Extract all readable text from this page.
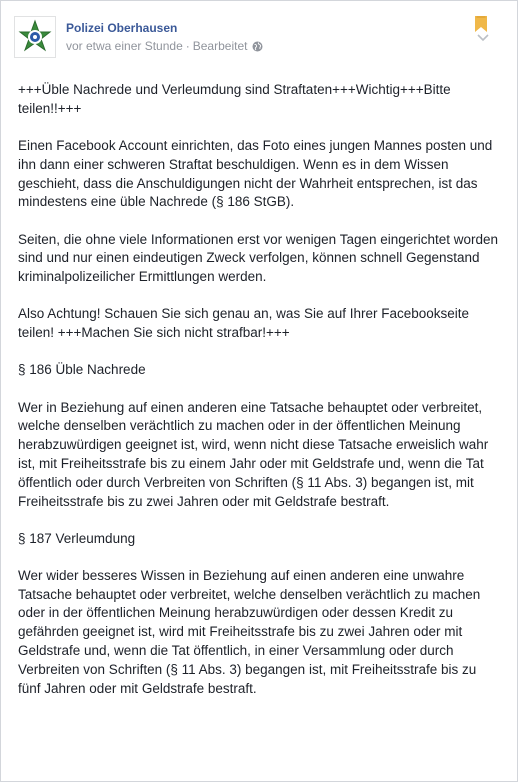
Polizei Oberhausen
vor etwa einer Stunde · Bearbeitet

+++Üble Nachrede und Verleumdung sind Straftaten+++Wichtig+++Bitte teilen!!+++

Einen Facebook Account einrichten, das Foto eines jungen Mannes posten und ihn dann einer schweren Straftat beschuldigen. Wenn es in dem Wissen geschieht, dass die Anschuldigungen nicht der Wahrheit entsprechen, ist das mindestens eine üble Nachrede (§ 186 StGB).

Seiten, die ohne viele Informationen erst vor wenigen Tagen eingerichtet worden sind und nur einen eindeutigen Zweck verfolgen, können schnell Gegenstand kriminalpolizeilicher Ermittlungen werden.

Also Achtung! Schauen Sie sich genau an, was Sie auf Ihrer Facebookseite teilen! +++Machen Sie sich nicht strafbar!+++

§ 186 Üble Nachrede

Wer in Beziehung auf einen anderen eine Tatsache behauptet oder verbreitet, welche denselben verächtlich zu machen oder in der öffentlichen Meinung herabzuwürdigen geeignet ist, wird, wenn nicht diese Tatsache erweislich wahr ist, mit Freiheitsstrafe bis zu einem Jahr oder mit Geldstrafe und, wenn die Tat öffentlich oder durch Verbreiten von Schriften (§ 11 Abs. 3) begangen ist, mit Freiheitsstrafe bis zu zwei Jahren oder mit Geldstrafe bestraft.

§ 187 Verleumdung

Wer wider besseres Wissen in Beziehung auf einen anderen eine unwahre Tatsache behauptet oder verbreitet, welche denselben verächtlich zu machen oder in der öffentlichen Meinung herabzuwürdigen oder dessen Kredit zu gefährden geeignet ist, wird mit Freiheitsstrafe bis zu zwei Jahren oder mit Geldstrafe und, wenn die Tat öffentlich, in einer Versammlung oder durch Verbreiten von Schriften (§ 11 Abs. 3) begangen ist, mit Freiheitsstrafe bis zu fünf Jahren oder mit Geldstrafe bestraft.
